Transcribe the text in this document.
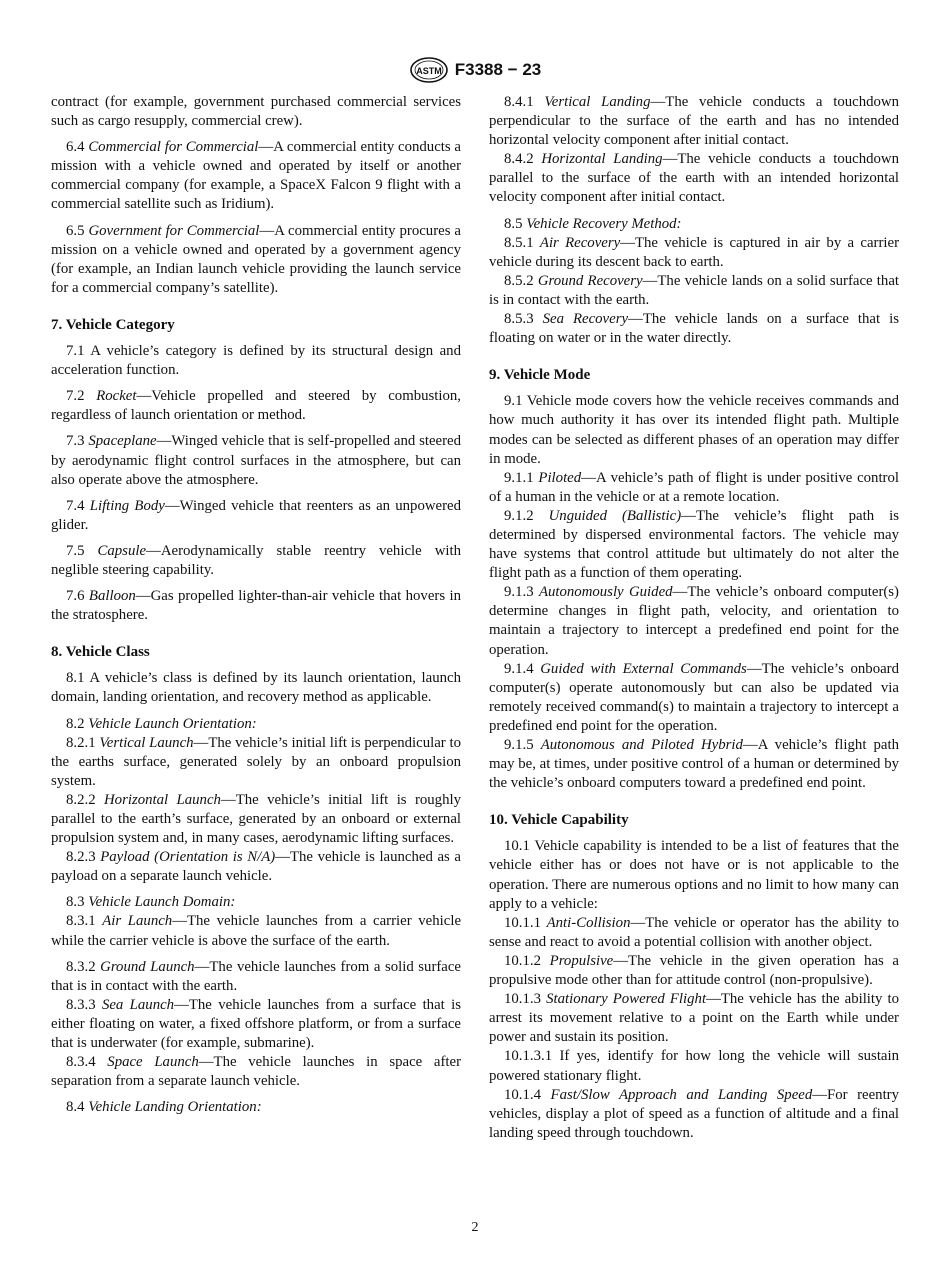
ASTM F3388 − 23
contract (for example, government purchased commercial services such as cargo resupply, commercial crew).
6.4 Commercial for Commercial—A commercial entity conducts a mission with a vehicle owned and operated by itself or another commercial company (for example, a SpaceX Falcon 9 flight with a commercial satellite such as Iridium).
6.5 Government for Commercial—A commercial entity procures a mission on a vehicle owned and operated by a government agency (for example, an Indian launch vehicle providing the launch service for a commercial company’s satellite).
7. Vehicle Category
7.1 A vehicle’s category is defined by its structural design and acceleration function.
7.2 Rocket—Vehicle propelled and steered by combustion, regardless of launch orientation or method.
7.3 Spaceplane—Winged vehicle that is self-propelled and steered by aerodynamic flight control surfaces in the atmosphere, but can also operate above the atmosphere.
7.4 Lifting Body—Winged vehicle that reenters as an unpowered glider.
7.5 Capsule—Aerodynamically stable reentry vehicle with neglible steering capability.
7.6 Balloon—Gas propelled lighter-than-air vehicle that hovers in the stratosphere.
8. Vehicle Class
8.1 A vehicle’s class is defined by its launch orientation, launch domain, landing orientation, and recovery method as applicable.
8.2 Vehicle Launch Orientation:
8.2.1 Vertical Launch—The vehicle’s initial lift is perpendicular to the earths surface, generated solely by an onboard propulsion system.
8.2.2 Horizontal Launch—The vehicle’s initial lift is roughly parallel to the earth’s surface, generated by an onboard or external propulsion system and, in many cases, aerodynamic lifting surfaces.
8.2.3 Payload (Orientation is N/A)—The vehicle is launched as a payload on a separate launch vehicle.
8.3 Vehicle Launch Domain:
8.3.1 Air Launch—The vehicle launches from a carrier vehicle while the carrier vehicle is above the surface of the earth.
8.3.2 Ground Launch—The vehicle launches from a solid surface that is in contact with the earth.
8.3.3 Sea Launch—The vehicle launches from a surface that is either floating on water, a fixed offshore platform, or from a surface that is underwater (for example, submarine).
8.3.4 Space Launch—The vehicle launches in space after separation from a separate launch vehicle.
8.4 Vehicle Landing Orientation:
8.4.1 Vertical Landing—The vehicle conducts a touchdown perpendicular to the surface of the earth and has no intended horizontal velocity component after initial contact.
8.4.2 Horizontal Landing—The vehicle conducts a touchdown parallel to the surface of the earth with an intended horizontal velocity component after initial contact.
8.5 Vehicle Recovery Method:
8.5.1 Air Recovery—The vehicle is captured in air by a carrier vehicle during its descent back to earth.
8.5.2 Ground Recovery—The vehicle lands on a solid surface that is in contact with the earth.
8.5.3 Sea Recovery—The vehicle lands on a surface that is floating on water or in the water directly.
9. Vehicle Mode
9.1 Vehicle mode covers how the vehicle receives commands and how much authority it has over its intended flight path. Multiple modes can be selected as different phases of an operation may differ in mode.
9.1.1 Piloted—A vehicle’s path of flight is under positive control of a human in the vehicle or at a remote location.
9.1.2 Unguided (Ballistic)—The vehicle’s flight path is determined by dispersed environmental factors. The vehicle may have systems that control attitude but ultimately do not alter the flight path as a function of them operating.
9.1.3 Autonomously Guided—The vehicle’s onboard computer(s) determine changes in flight path, velocity, and orientation to maintain a trajectory to intercept a predefined end point for the operation.
9.1.4 Guided with External Commands—The vehicle’s onboard computer(s) operate autonomously but can also be updated via remotely received command(s) to maintain a trajectory to intercept a predefined end point for the operation.
9.1.5 Autonomous and Piloted Hybrid—A vehicle’s flight path may be, at times, under positive control of a human or determined by the vehicle’s onboard computers toward a predefined end point.
10. Vehicle Capability
10.1 Vehicle capability is intended to be a list of features that the vehicle either has or does not have or is not applicable to the operation. There are numerous options and no limit to how many can apply to a vehicle:
10.1.1 Anti-Collision—The vehicle or operator has the ability to sense and react to avoid a potential collision with another object.
10.1.2 Propulsive—The vehicle in the given operation has a propulsive mode other than for attitude control (non-propulsive).
10.1.3 Stationary Powered Flight—The vehicle has the ability to arrest its movement relative to a point on the Earth while under power and sustain its position.
10.1.3.1 If yes, identify for how long the vehicle will sustain powered stationary flight.
10.1.4 Fast/Slow Approach and Landing Speed—For reentry vehicles, display a plot of speed as a function of altitude and a final landing speed through touchdown.
2
